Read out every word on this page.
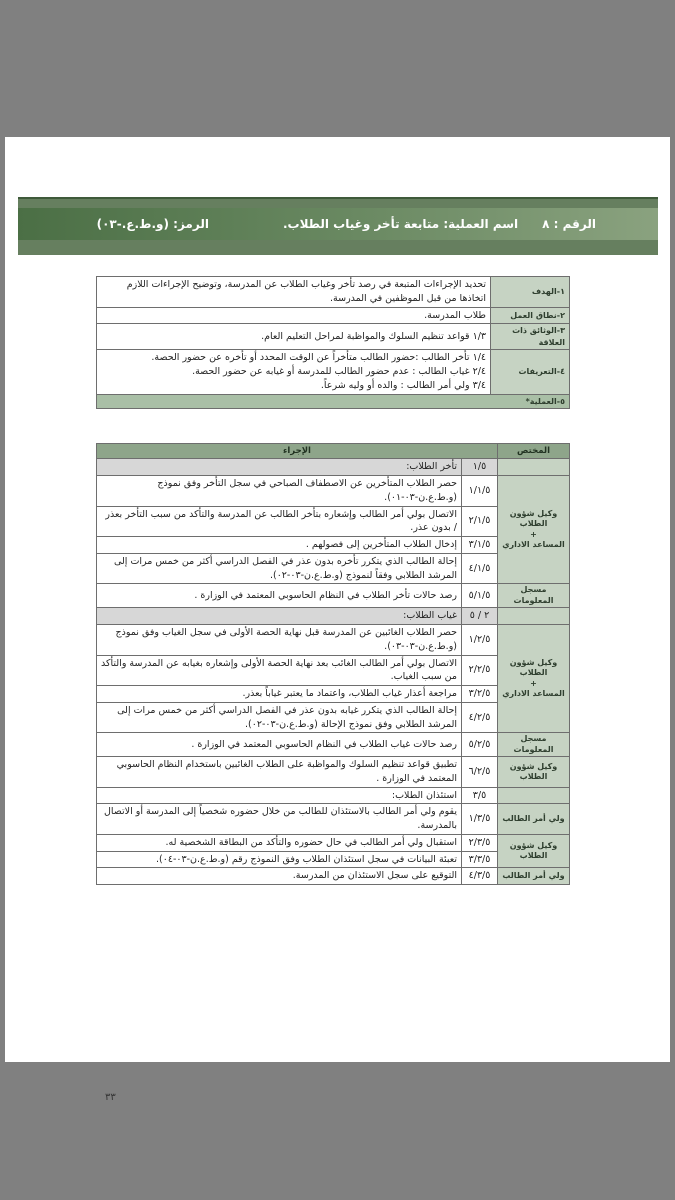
الرقم : ٨
اسم العملية: متابعة تأخر وغياب الطلاب.
الرمز: (و.ط.ع.-٠٣)
٣٣
١-الهدف	تحديد الإجراءات المتبعة في رصد تأخر وغياب الطلاب عن المدرسة، وتوضيح الإجراءات اللازم اتخاذها من قبل الموظفين في المدرسة.
٢-نطاق العمل	طلاب المدرسة.
٣-الوثائق ذات العلاقة	١/٣ قواعد تنظيم السلوك والمواظبة لمراحل التعليم العام.
٤-التعريفات	١/٤ تأخر الطالب :حضور الطالب متأخراً عن الوقت المحدد أو تأخره عن حضور الحصة.
٢/٤ غياب الطالب : عدم حضور الطالب للمدرسة أو غيابه عن حضور الحصة.
٣/٤ ولي أمر الطالب : والده أو وليه شرعاً.

٥-العملية*	
المختص	الإجراء	
	١/٥	تأخر الطلاب:

وكيل شؤون الطلاب
+
المساعد الاداري	١/١/٥	حصر الطلاب المتأخرين عن الاصطفاف الصباحي في سجل التأخر وفق نموذج (و.ط.ع.ن-٠٣-٠١).
	٢/١/٥	الاتصال بولي أمر الطالب وإشعاره بتأخر الطالب عن المدرسة والتأكد من سبب التأخر بعذر / بدون عذر.
	٣/١/٥	إدخال الطلاب المتأخرين إلى فصولهم .
	٤/١/٥	إحالة الطالب الذي يتكرر تأخره بدون عذر في الفصل الدراسي أكثر من خمس مرات إلى المرشد الطلابي وفقاً لنموذج (و.ط.ع.ن-٠٣-٠٢).
مسجل المعلومات	٥/١/٥	رصد حالات تأخر الطلاب في النظام الحاسوبي المعتمد في الوزارة .
	٢ / ٥	غياب الطلاب:

وكيل شؤون الطلاب
+
المساعد الاداري	١/٢/٥	حصر الطلاب الغائبين عن المدرسة قبل نهاية الحصة الأولى في سجل الغياب وفق نموذج (و.ط.ع.ن-٠٣-٠٣).
	٢/٢/٥	الاتصال بولي أمر الطالب الغائب بعد نهاية الحصة الأولى وإشعاره بغيابه عن المدرسة والتأكد من سبب الغياب.
	٣/٢/٥	مراجعة أعذار غياب الطلاب، واعتماد ما يعتبر غياباً بعذر.
	٤/٢/٥	إحالة الطالب الذي يتكرر غيابه بدون عذر في الفصل الدراسي أكثر من خمس مرات إلى المرشد الطلابي وفق نموذج الإحالة (و.ط.ع.ن-٠٣-٠٢).
مسجل المعلومات	٥/٢/٥	رصد حالات غياب الطلاب في النظام الحاسوبي المعتمد في الوزارة .
وكيل شؤون الطلاب	٦/٢/٥	تطبيق قواعد تنظيم السلوك والمواظبة على الطلاب الغائبين باستخدام النظام الحاسوبي المعتمد في الوزارة .
	٣/٥	استئذان الطلاب:
ولي أمر الطالب	١/٣/٥	يقوم ولي أمر الطالب بالاستئذان للطالب من خلال حضوره شخصياً إلى المدرسة أو الاتصال بالمدرسة.
وكيل شؤون الطلاب	٢/٣/٥	استقبال ولي أمر الطالب في حال حضوره والتأكد من البطاقة الشخصية له.
	٣/٣/٥	تعبئة البيانات في سجل استئذان الطلاب وفق النموذج رقم (و.ط.ع.ن-٠٣-٠٤).
ولي أمر الطالب	٤/٣/٥	التوقيع على سجل الاستئذان من المدرسة.
